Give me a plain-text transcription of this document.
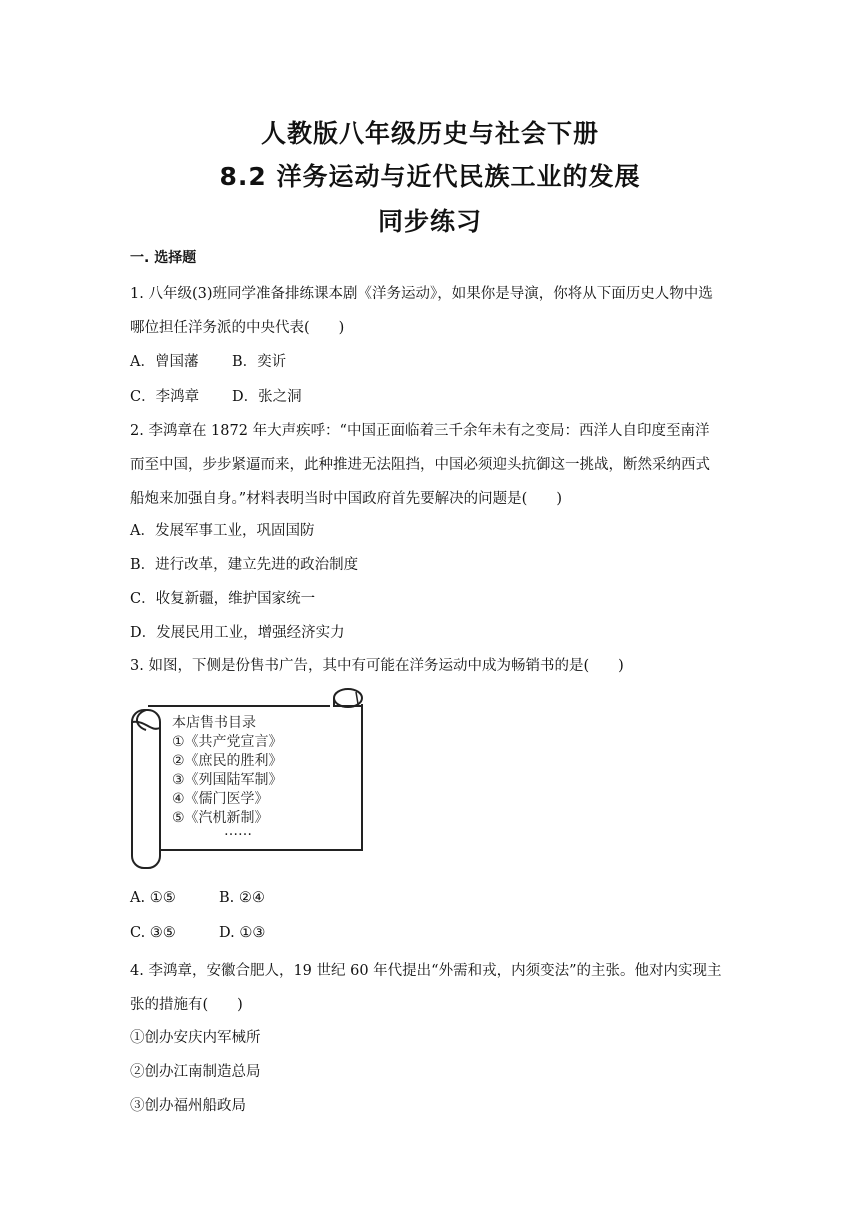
人教版八年级历史与社会下册
8.2 洋务运动与近代民族工业的发展
同步练习
一. 选择题
1. 八年级(3)班同学准备排练课本剧《洋务运动》，如果你是导演，你将从下面历史人物中选
哪位担任洋务派的中央代表(　　)
A．曾国藩 B．奕䜣
C．李鸿章 D．张之洞
2. 李鸿章在 1872 年大声疾呼：“中国正面临着三千余年未有之变局：西洋人自印度至南洋
而至中国，步步紧逼而来，此种推进无法阻挡，中国必须迎头抗御这一挑战，断然采纳西式
船炮来加强自身。”材料表明当时中国政府首先要解决的问题是(　　)
A．发展军事工业，巩固国防
B．进行改革，建立先进的政治制度
C．收复新疆，维护国家统一
D．发展民用工业，增强经济实力
3. 如图，下侧是份售书广告，其中有可能在洋务运动中成为畅销书的是(　　)
本店售书目录
①《共产党宣言》
②《庶民的胜利》
③《列国陆军制》
④《儒门医学》
⑤《汽机新制》
……
A. ①⑤	B. ②④
C. ③⑤	D. ①③
4. 李鸿章，安徽合肥人，19 世纪 60 年代提出“外需和戎，内须变法”的主张。他对内实现主
张的措施有(　　)
①创办安庆内军械所
②创办江南制造总局
③创办福州船政局
